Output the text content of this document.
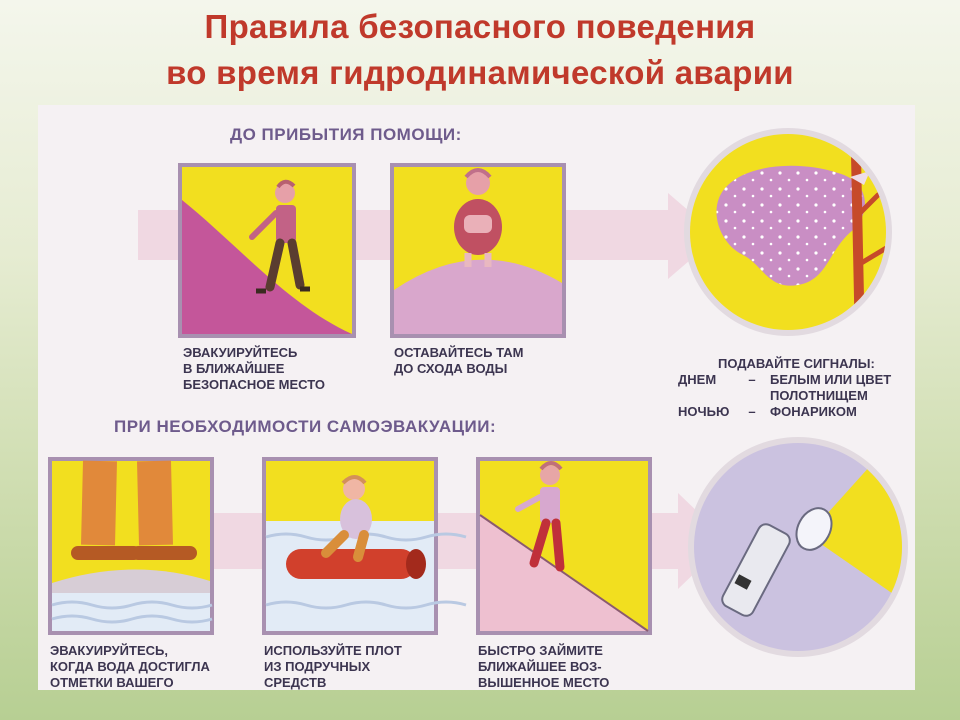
Правила безопасного поведения
во время гидродинамической аварии
ДО ПРИБЫТИЯ ПОМОЩИ:
ПРИ НЕОБХОДИМОСТИ САМОЭВАКУАЦИИ:
ЭВАКУИРУЙТЕСЬ
В БЛИЖАЙШЕЕ
БЕЗОПАСНОЕ МЕСТО
ОСТАВАЙТЕСЬ ТАМ
ДО СХОДА ВОДЫ	ПОДАВАЙТЕ СИГНАЛЫ:
ДНЕМ	–	БЕЛЫМ ИЛИ ЦВЕТ
ПОЛОТНИЩЕМ
НОЧЬЮ	–	ФОНАРИКОМ
ЭВАКУИРУЙТЕСЬ,
КОГДА ВОДА ДОСТИГЛА
ОТМЕТКИ ВАШЕГО
ИСПОЛЬЗУЙТЕ ПЛОТ
ИЗ ПОДРУЧНЫХ
СРЕДСТВ
БЫСТРО ЗАЙМИТЕ
БЛИЖАЙШЕЕ ВОЗ-
ВЫШЕННОЕ МЕСТО
